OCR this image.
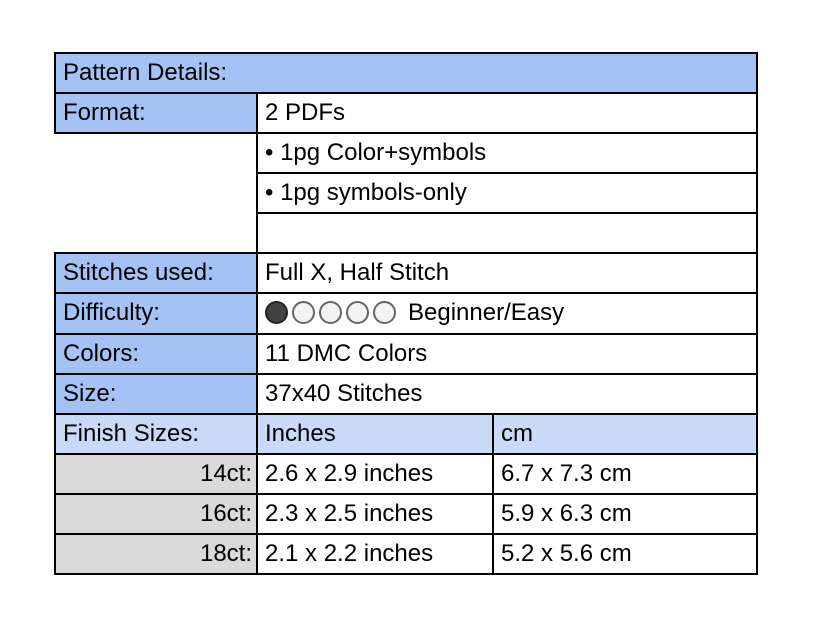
Pattern Details:		
Format:	2 PDFs	
	• 1pg Color+symbols	
	• 1pg symbols-only	

Stitches used:	Full X, Half Stitch	
Difficulty:	Beginner/Easy	
Colors:	11 DMC Colors	
Size:	37x40 Stitches	
Finish Sizes:	Inches	cm
14ct:	2.6 x 2.9 inches	6.7 x 7.3 cm
16ct:	2.3 x 2.5 inches	5.9 x 6.3 cm
18ct:	2.1 x 2.2 inches	5.2 x 5.6 cm
